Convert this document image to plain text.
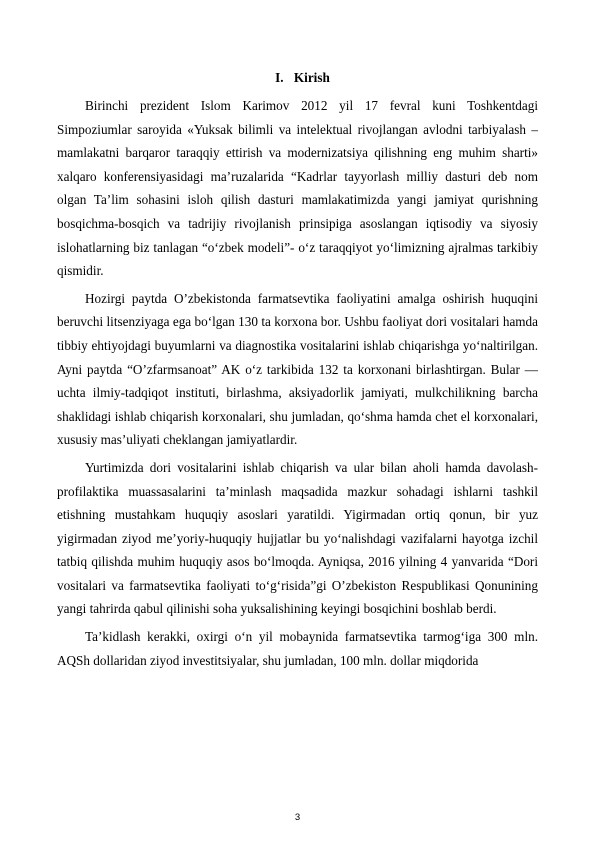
I. Kirish

Birinchi prezident Islom Karimov 2012 yil 17 fevral kuni Toshkentdagi Simpoziumlar saroyida «Yuksak bilimli va intelektual rivojlangan avlodni tarbiyalash – mamlakatni barqaror taraqqiy ettirish va modernizatsiya qilishning eng muhim sharti» xalqaro konferensiyasidagi ma’ruzalarida “Kadrlar tayyorlash milliy dasturi deb nom olgan Ta’lim sohasini isloh qilish dasturi mamlakatimizda yangi jamiyat qurishning bosqichma-bosqich va tadrijiy rivojlanish prinsipiga asoslangan iqtisodiy va siyosiy islohatlarning biz tanlagan “o‘zbek modeli”- o‘z taraqqiyot yo‘limizning ajralmas tarkibiy qismidir.

Hozirgi paytda O’zbekistonda farmatsevtika faoliyatini amalga oshirish huquqini beruvchi litsenziyaga ega bo‘lgan 130 ta korxona bor. Ushbu faoliyat dori vositalari hamda tibbiy ehtiyojdagi buyumlarni va diagnostika vositalarini ishlab chiqarishga yo‘naltirilgan. Ayni paytda “O’zfarmsanoat” AK o‘z tarkibida 132 ta korxonani birlashtirgan. Bular — uchta ilmiy-tadqiqot instituti, birlashma, aksiyadorlik jamiyati, mulkchilikning barcha shaklidagi ishlab chiqarish korxonalari, shu jumladan, qo‘shma hamda chet el korxonalari, xususiy mas’uliyati cheklangan jamiyatlardir.

Yurtimizda dori vositalarini ishlab chiqarish va ular bilan aholi hamda davolash-profilaktika muassasalarini ta’minlash maqsadida mazkur sohadagi ishlarni tashkil etishning mustahkam huquqiy asoslari yaratildi. Yigirmadan ortiq qonun, bir yuz yigirmadan ziyod me’yoriy-huquqiy hujjatlar bu yo‘nalishdagi vazifalarni hayotga izchil tatbiq qilishda muhim huquqiy asos bo‘lmoqda. Ayniqsa, 2016 yilning 4 yanvarida “Dori vositalari va farmatsevtika faoliyati to‘g‘risida”gi O’zbekiston Respublikasi Qonunining yangi tahrirda qabul qilinishi soha yuksalishining keyingi bosqichini boshlab berdi.

Ta’kidlash kerakki, oxirgi o‘n yil mobaynida farmatsevtika tarmog‘iga 300 mln. AQSh dollaridan ziyod investitsiyalar, shu jumladan, 100 mln. dollar miqdorida

3
